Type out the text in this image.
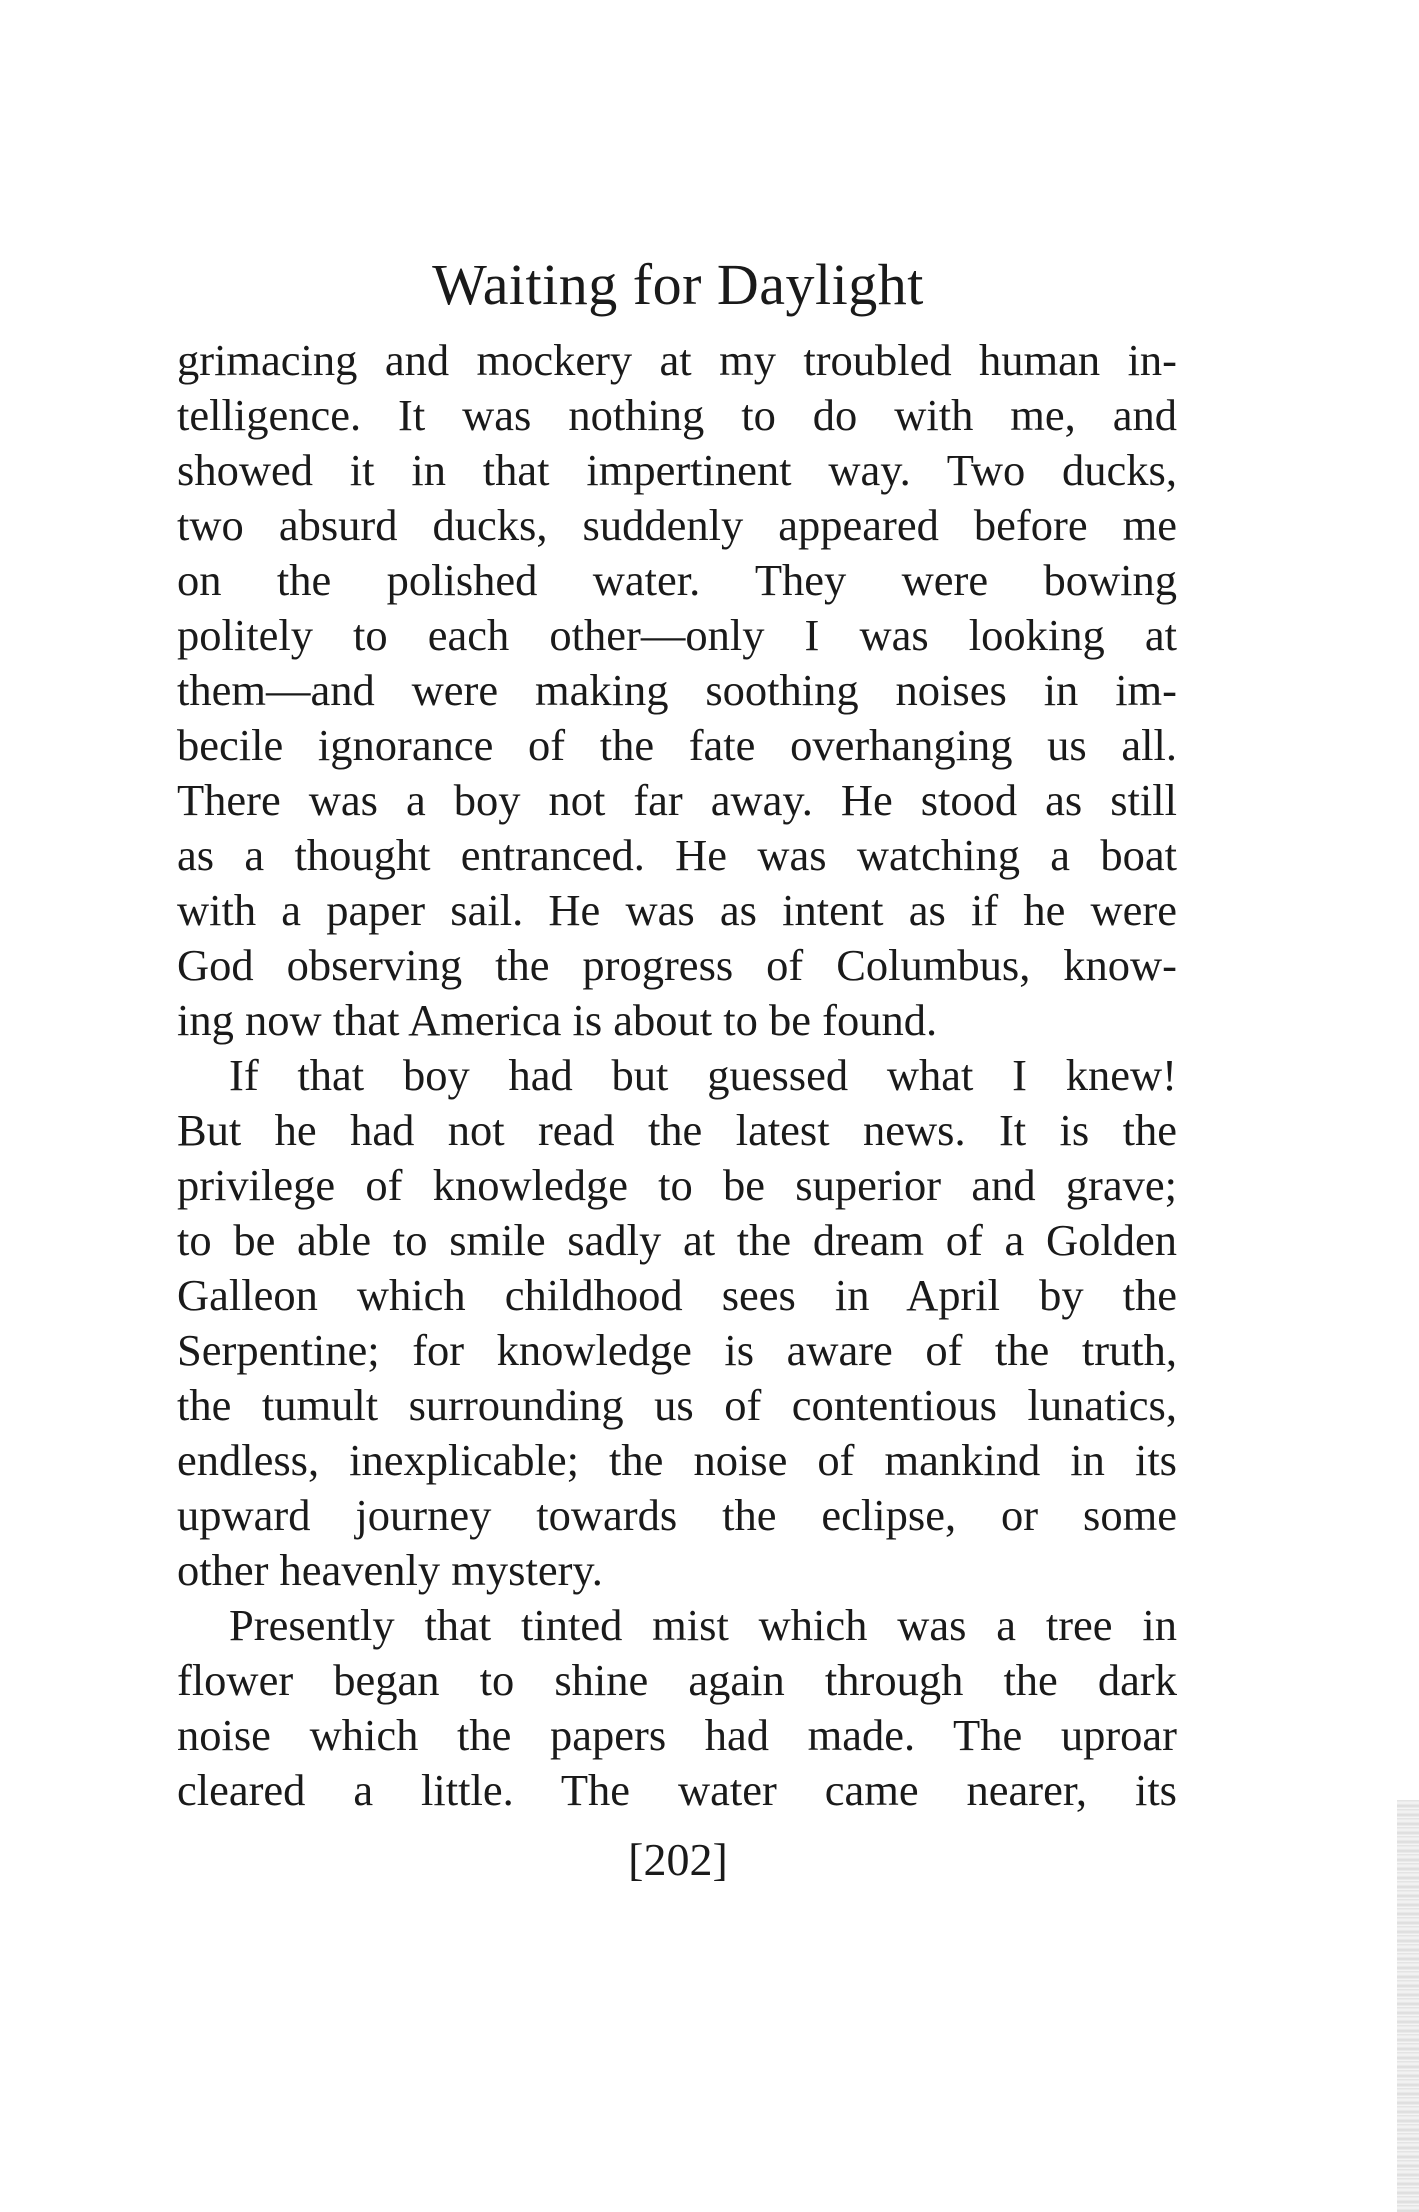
Waiting for Daylight
grimacing and mockery at my troubled human in-
telligence. It was nothing to do with me, and
showed it in that impertinent way. Two ducks,
two absurd ducks, suddenly appeared before me
on the polished water. They were bowing
politely to each other—only I was looking at
them—and were making soothing noises in im-
becile ignorance of the fate overhanging us all.
There was a boy not far away. He stood as still
as a thought entranced. He was watching a boat
with a paper sail. He was as intent as if he were
God observing the progress of Columbus, know-
ing now that America is about to be found.
If that boy had but guessed what I knew!
But he had not read the latest news. It is the
privilege of knowledge to be superior and grave;
to be able to smile sadly at the dream of a Golden
Galleon which childhood sees in April by the
Serpentine; for knowledge is aware of the truth,
the tumult surrounding us of contentious lunatics,
endless, inexplicable; the noise of mankind in its
upward journey towards the eclipse, or some
other heavenly mystery.
Presently that tinted mist which was a tree in
flower began to shine again through the dark
noise which the papers had made. The uproar
cleared a little. The water came nearer, its
[202]
